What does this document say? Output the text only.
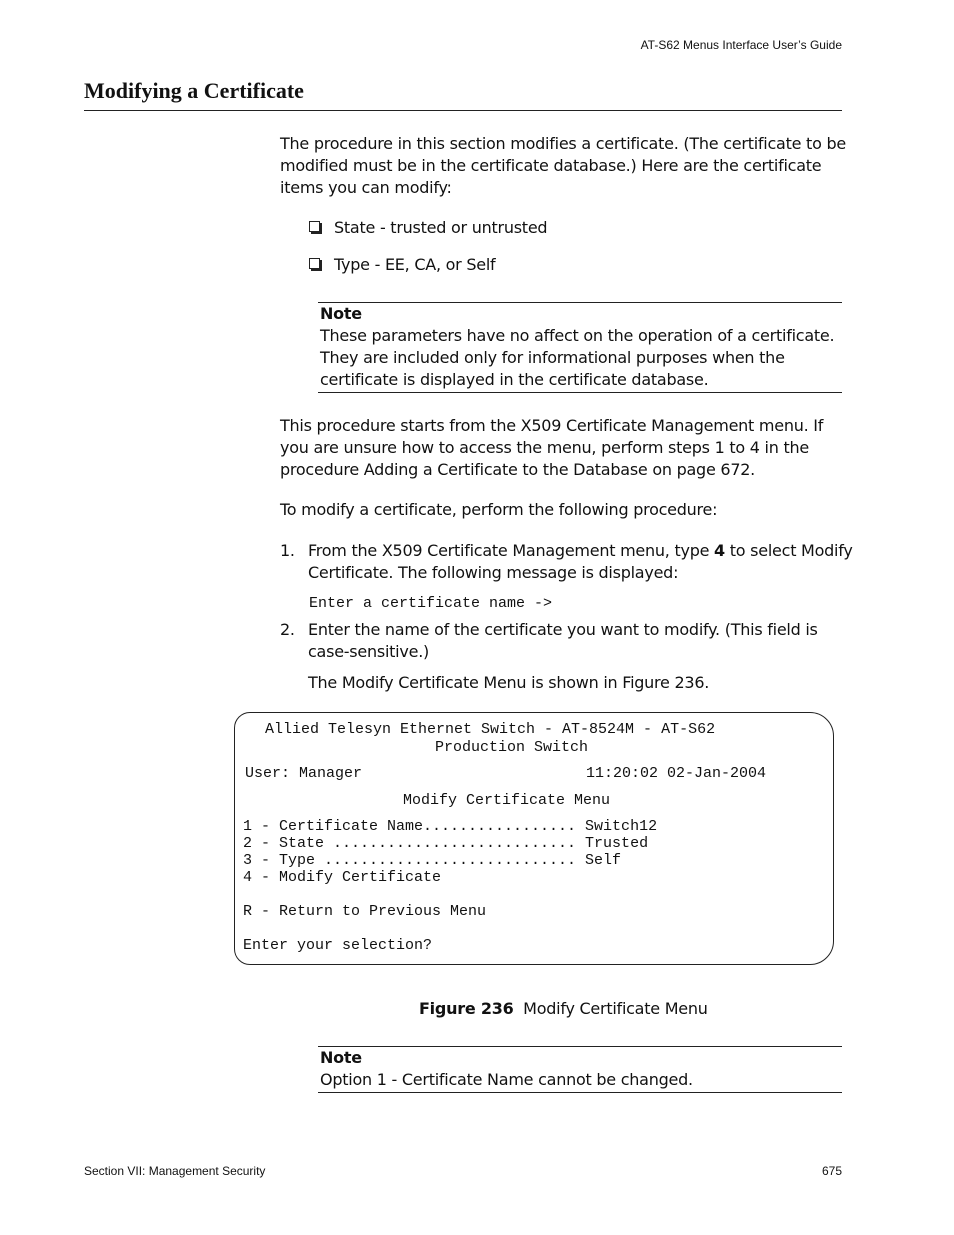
AT-S62 Menus Interface User’s Guide
Modifying a Certificate
The procedure in this section modifies a certificate. (The certificate to be
modified must be in the certificate database.) Here are the certificate
items you can modify:
State - trusted or untrusted
Type - EE, CA, or Self
Note
These parameters have no affect on the operation of a certificate.
They are included only for informational purposes when the
certificate is displayed in the certificate database.
This procedure starts from the X509 Certificate Management menu. If
you are unsure how to access the menu, perform steps 1 to 4 in the
procedure Adding a Certificate to the Database on page 672.
To modify a certificate, perform the following procedure:
1. From the X509 Certificate Management menu, type 4 to select Modify
Certificate. The following message is displayed:
Enter a certificate name ->
2. Enter the name of the certificate you want to modify. (This field is
case-sensitive.)
The Modify Certificate Menu is shown in Figure 236.
Allied Telesyn Ethernet Switch - AT-8524M - AT-S62
Production Switch
User: Manager	11:20:02 02-Jan-2004
Modify Certificate Menu
1 - Certificate Name................. Switch12
2 - State ........................... Trusted
3 - Type ............................ Self
4 - Modify Certificate
R - Return to Previous Menu
Enter your selection?
Figure 236 Modify Certificate Menu
Note
Option 1 - Certificate Name cannot be changed.
Section VII: Management Security	675
